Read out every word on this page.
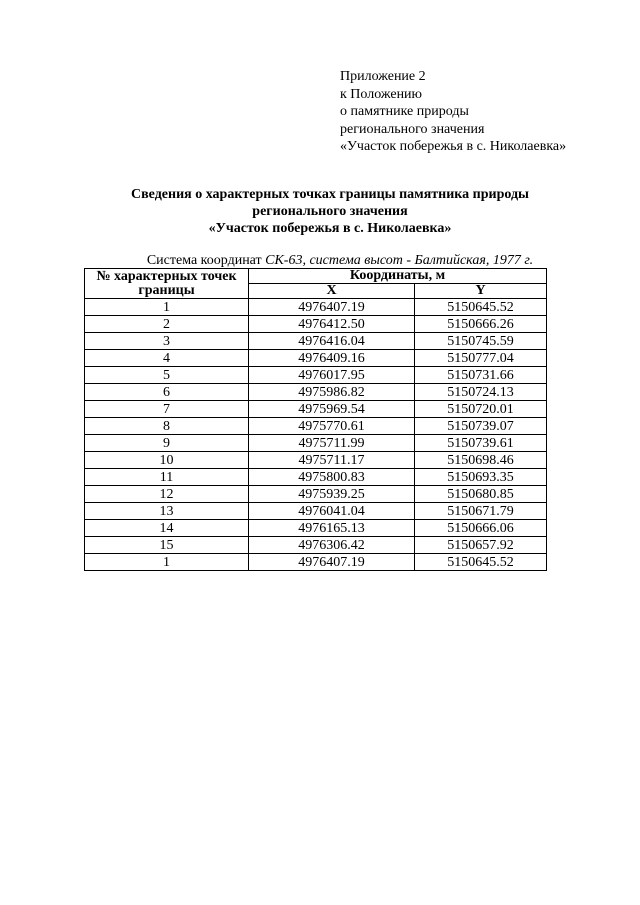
Приложение 2
к Положению
о памятнике природы
регионального значения
«Участок побережья в с. Николаевка»
Сведения о характерных точках границы памятника природы
регионального значения
«Участок побережья в с. Николаевка»
Система координат СК-63, система высот - Балтийская, 1977 г.
№ характерных точек границы	Координаты, м	
	X	Y
1	4976407.19	5150645.52
2	4976412.50	5150666.26
3	4976416.04	5150745.59
4	4976409.16	5150777.04
5	4976017.95	5150731.66
6	4975986.82	5150724.13
7	4975969.54	5150720.01
8	4975770.61	5150739.07
9	4975711.99	5150739.61
10	4975711.17	5150698.46
11	4975800.83	5150693.35
12	4975939.25	5150680.85
13	4976041.04	5150671.79
14	4976165.13	5150666.06
15	4976306.42	5150657.92
1	4976407.19	5150645.52
